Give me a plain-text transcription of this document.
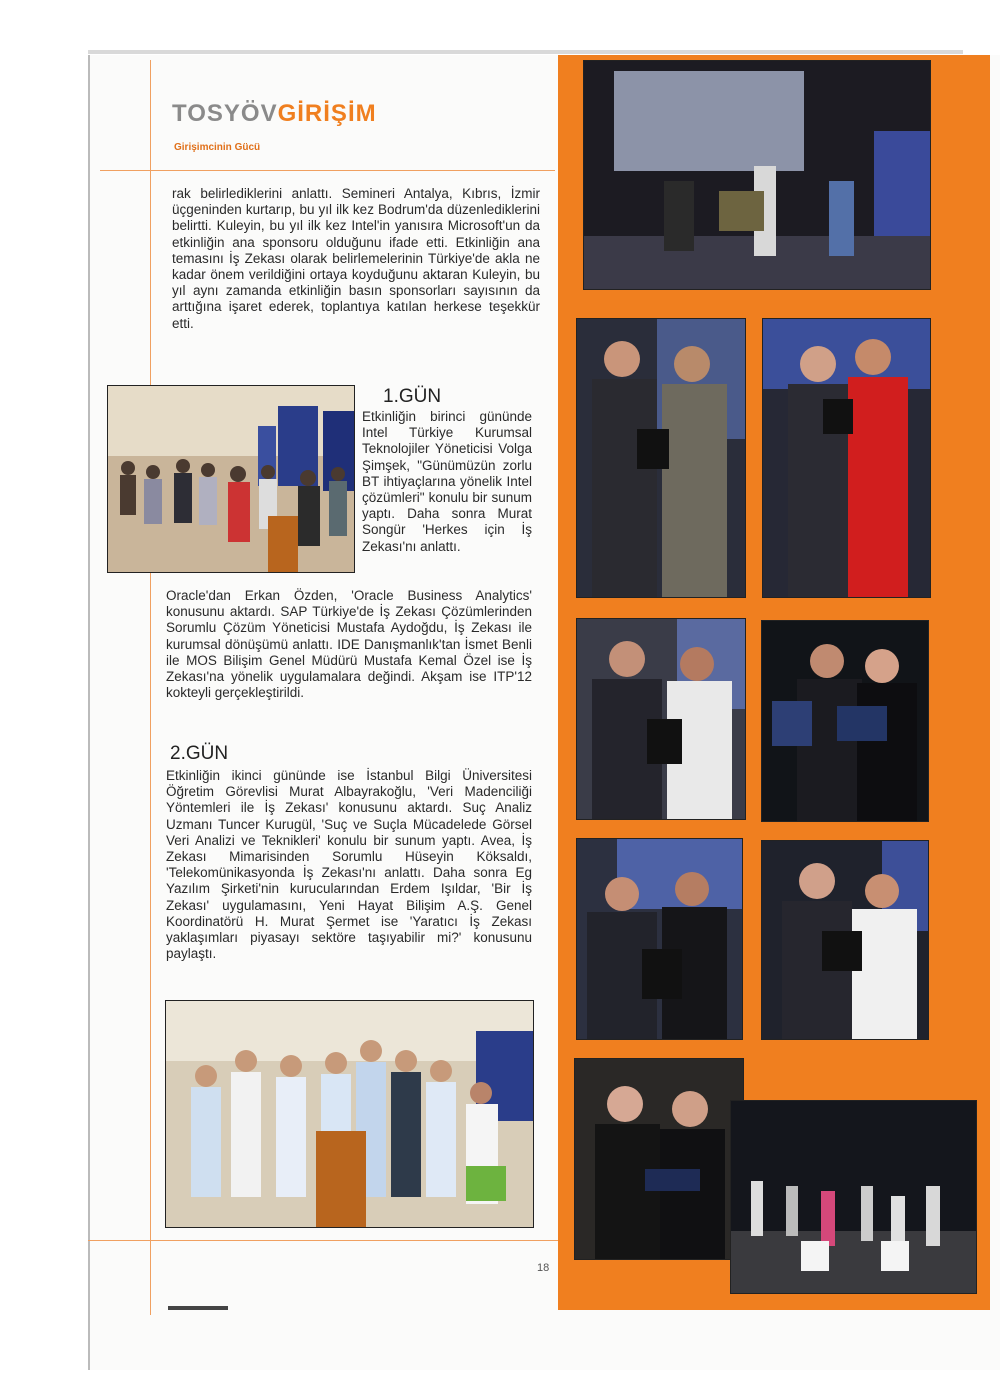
TOSYÖVGİRİŞİM
Girişimcinin Gücü

rak belirlediklerini anlattı. Semineri Antalya, Kıbrıs, İzmir üçgeninden kurtarıp, bu yıl ilk kez Bodrum'da düzenlediklerini belirtti. Kuleyin, bu yıl ilk kez Intel'in yanısıra Microsoft'un da etkinliğin ana sponsoru olduğunu ifade etti. Etkinliğin ana temasını İş Zekası olarak belirlemelerinin Türkiye'de akla ne kadar önem verildiğini ortaya koyduğunu aktaran Kuleyin, bu yıl aynı zamanda etkinliğin basın sponsorları sayısının da arttığına işaret ederek, toplantıya katılan herkese teşekkür etti.

1.GÜN

Etkinliğin birinci gününde Intel Türkiye Kurumsal Teknolojiler Yöneticisi Volga Şimşek, "Günümüzün zorlu BT ihtiyaçlarına yönelik Intel çözümleri" konulu bir sunum yaptı. Daha sonra Murat Songür 'Herkes için İş Zekası'nı anlattı.

Oracle'dan Erkan Özden, 'Oracle Business Analytics' konusunu aktardı. SAP Türkiye'de İş Zekası Çözümlerinden Sorumlu Çözüm Yöneticisi Mustafa Aydoğdu, İş Zekası ile kurumsal dönüşümü anlattı. IDE Danışmanlık'tan İsmet Benli ile MOS Bilişim Genel Müdürü Mustafa Kemal Özel ise İş Zekası'na yönelik uygulamalara değindi. Akşam ise ITP'12 kokteyli gerçekleştirildi.

2.GÜN

Etkinliğin ikinci gününde ise İstanbul Bilgi Üniversitesi Öğretim Görevlisi Murat Albayrakoğlu, 'Veri Madenciliği Yöntemleri ile İş Zekası' konusunu aktardı. Suç Analiz Uzmanı Tuncer Kurugül, 'Suç ve Suçla Mücadelede Görsel Veri Analizi ve Teknikleri' konulu bir sunum yaptı. Avea, İş Zekası Mimarisinden Sorumlu Hüseyin Köksaldı, 'Telekomünikasyonda İş Zekası'nı anlattı. Daha sonra Eg Yazılım Şirketi'nin kurucularından Erdem Işıldar, 'Bir İş Zekası' uygulamasını, Yeni Hayat Bilişim A.Ş. Genel Koordinatörü H. Murat Şermet ise 'Yaratıcı İş Zekası yaklaşımları piyasayı sektöre taşıyabilir mi?' konusunu paylaştı.

18
